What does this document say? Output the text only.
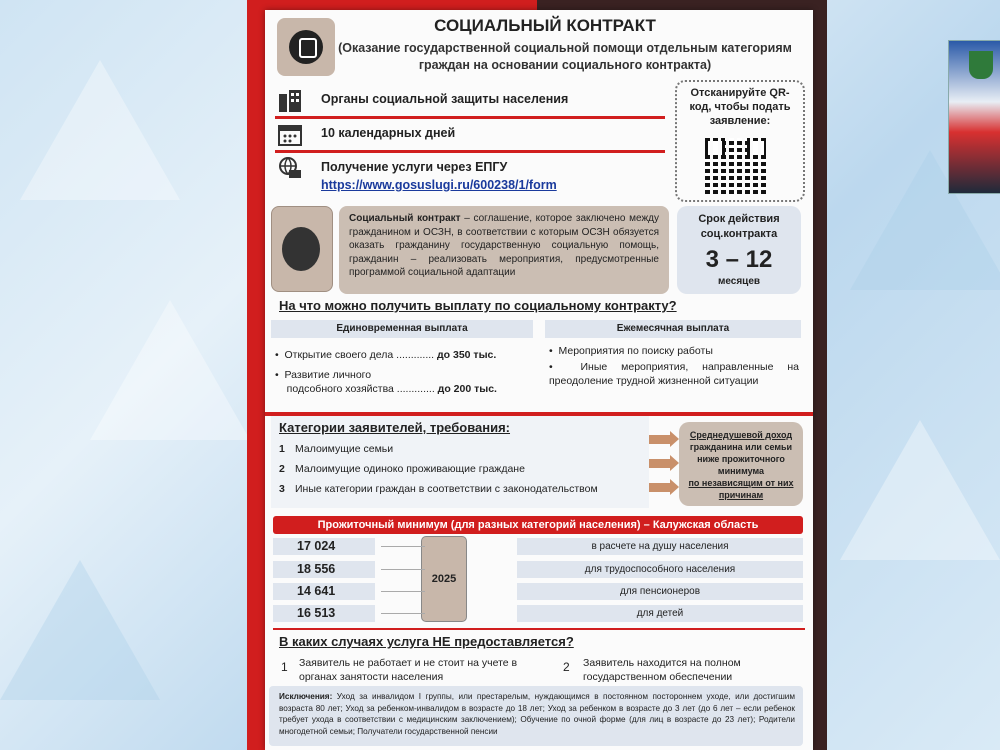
СОЦИАЛЬНЫЙ КОНТРАКТ
(Оказание государственной социальной помощи отдельным категориям граждан на основании социального контракта)
Органы социальной защиты населения
10 календарных дней
Получение услуги через ЕПГУ
https://www.gosuslugi.ru/600238/1/form
Отсканируйте QR-код, чтобы подать заявление:
Социальный контракт – соглашение, которое заключено между гражданином и ОСЗН, в соответствии с которым ОСЗН обязуется оказать гражданину государственную социальную помощь, гражданин – реализовать мероприятия, предусмотренные программой социальной адаптации
Срок действия соц.контракта
3 – 12
месяцев
На что можно получить выплату по социальному контракту?
Единовременная выплата	Ежемесячная выплата
•  Открытие своего дела ............. до 350 тыс.
•  Развитие личного
подсобного хозяйства ............. до 200 тыс.
•  Мероприятия по поиску работы
•  Иные мероприятия, направленные на преодоление трудной жизненной ситуации
Категории заявителей, требования:
1 Малоимущие семьи
2 Малоимущие одиноко проживающие граждане
3 Иные категории граждан в соответствии с законодательством
Среднедушевой доход
гражданина или семьи ниже прожиточного минимума
по независящим от них причинам
Прожиточный минимум (для разных категорий населения) – Калужская область
2025
17 024	в расчете на душу населения
18 556	для трудоспособного населения
14 641	для пенсионеров
16 513	для детей
В каких случаях услуга НЕ предоставляется?
1 Заявитель не работает и не стоит на учете в органах занятости населения
2 Заявитель находится на полном государственном обеспечении
Исключения: Уход за инвалидом I группы, или престарелым, нуждающимся в постоянном постороннем уходе, или достигшим возраста 80 лет; Уход за ребенком-инвалидом в возрасте до 18 лет; Уход за ребенком в возрасте до 3 лет (до 6 лет – если ребенок требует ухода в соответствии с медицинским заключением); Обучение по очной форме (для лиц в возрасте до 23 лет); Родители многодетной семьи; Получатели государственной пенсии
